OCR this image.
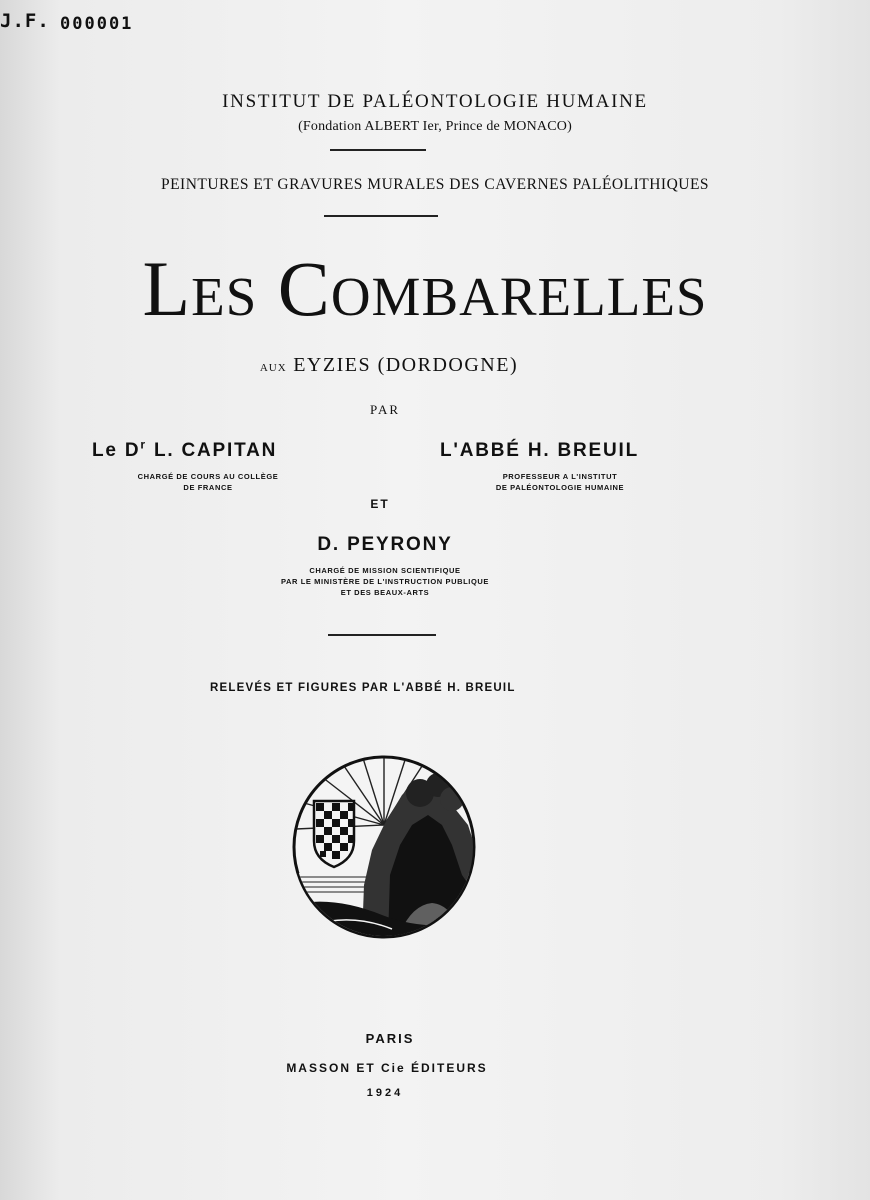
J.F. 000001
INSTITUT DE PALÉONTOLOGIE HUMAINE
(Fondation ALBERT Ier, Prince de MONACO)
PEINTURES ET GRAVURES MURALES DES CAVERNES PALÉOLITHIQUES
Les Combarelles
aux EYZIES (DORDOGNE)
PAR
Le $D^r$ L. CAPITAN
CHARGÉ DE COURS AU COLLÈGE
DE FRANCE
L'ABBÉ H. BREUIL
PROFESSEUR A L'INSTITUT
DE PALÉONTOLOGIE HUMAINE
ET
D. PEYRONY
CHARGÉ DE MISSION SCIENTIFIQUE
PAR LE MINISTÈRE DE L'INSTRUCTION PUBLIQUE
ET DES BEAUX-ARTS
RELEVÉS ET FIGURES PAR L'ABBÉ H. BREUIL
PARIS
MASSON ET Cie ÉDITEURS
1924
